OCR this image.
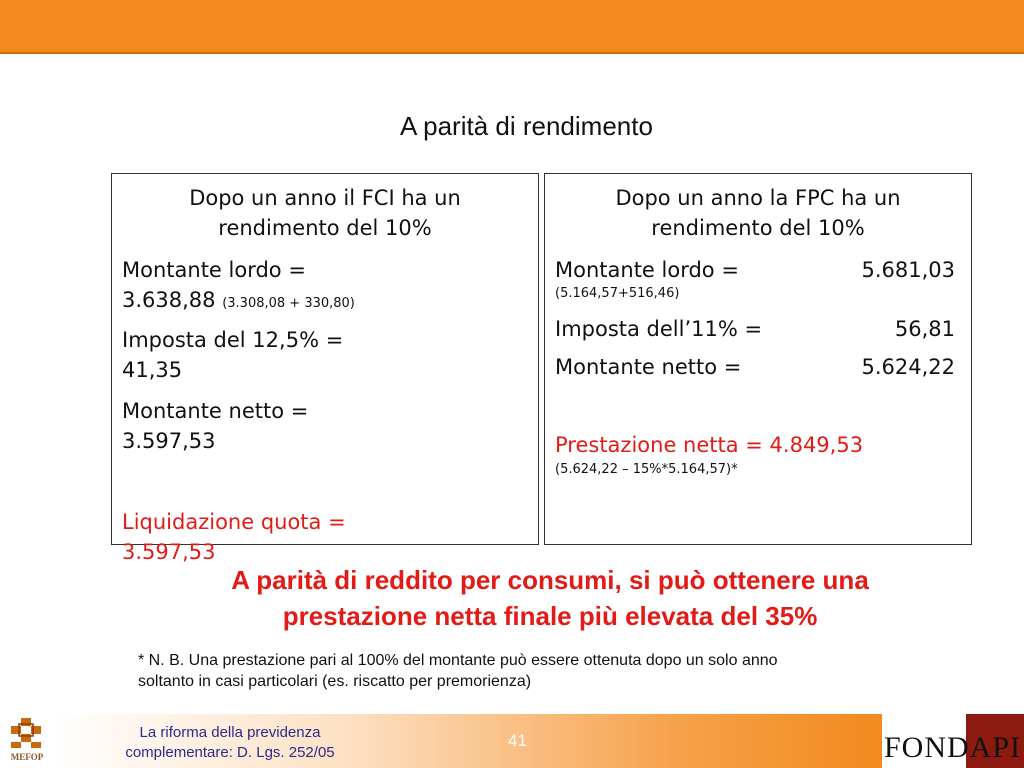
A parità di rendimento
Dopo un anno il FCI ha un
rendimento del 10%
Montante lordo =
3.638,88 (3.308,08 + 330,80)
Imposta del 12,5% =
41,35
Montante netto =
3.597,53
Liquidazione quota =
3.597,53
Dopo un anno la FPC ha un
rendimento del 10%
Montante lordo =	5.681,03
(5.164,57+516,46)
Imposta dell’11% =	56,81
Montante netto =	5.624,22
Prestazione netta = 4.849,53
(5.624,22 – 15%*5.164,57)*
A parità di reddito per consumi, si può ottenere una
prestazione netta finale più elevata del 35%
* N. B. Una prestazione pari al 100% del montante può essere ottenuta dopo un solo anno
soltanto in casi particolari (es. riscatto per premorienza)
MEFOP
La riforma della previdenza
complementare: D. Lgs. 252/05
41	FONDAPI
